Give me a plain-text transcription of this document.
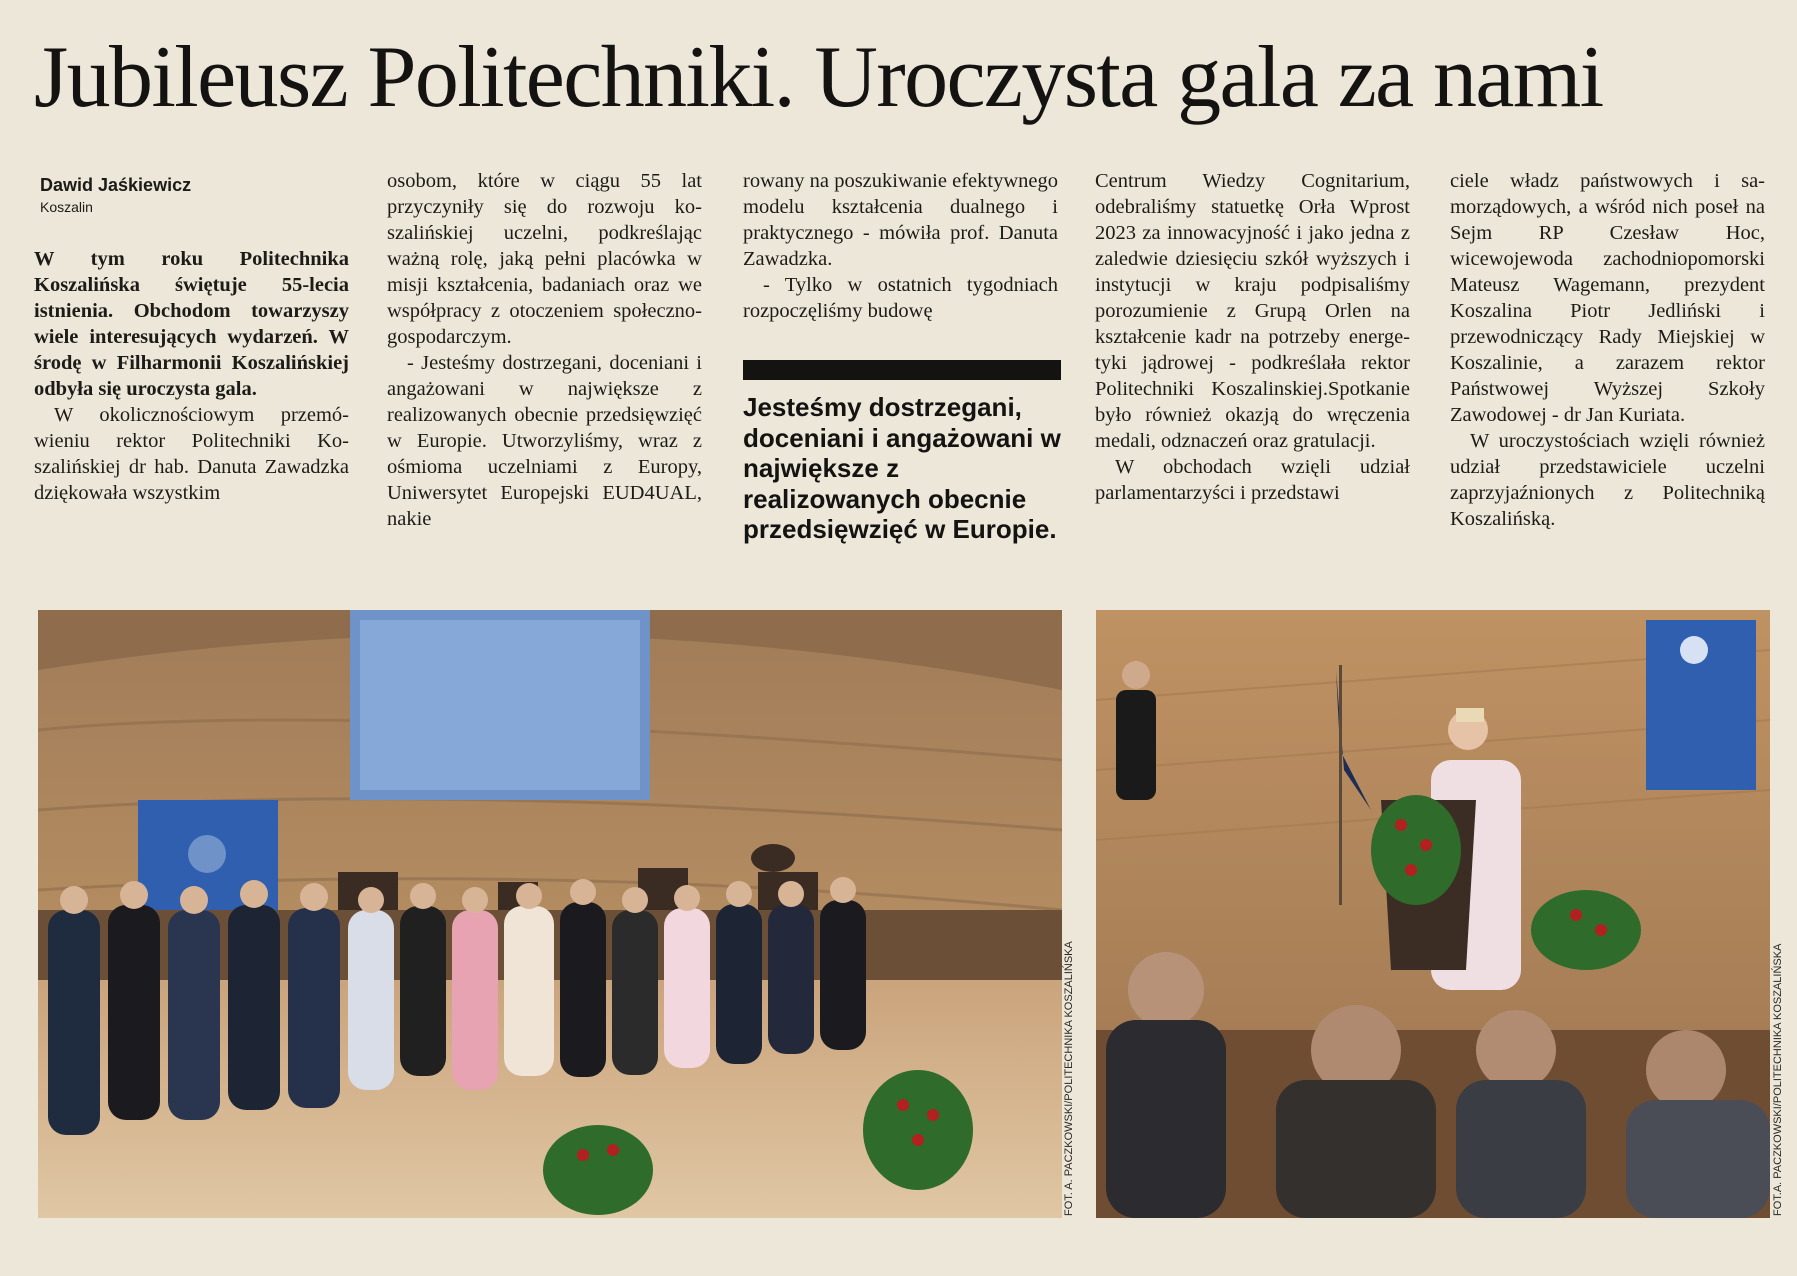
Jubileusz Politechniki. Uroczysta gala za nami
Dawid Jaśkiewicz
Koszalin

W tym roku Politechnika Koszalińska świętuje 55-lecia istnienia. Obchodom towarzyszy wiele interesujących wydarzeń. W środę w Filharmonii Koszalińskiej odbyła się uroczysta gala.

W okolicznościowym przemówieniu rektor Politechniki Koszalińskiej dr hab. Danuta Zawadzka dziękowała wszystkim

osobom, które w ciągu 55 lat przyczyniły się do rozwoju koszalińskiej uczelni, podkreślając ważną rolę, jaką pełni placówka w misji kształcenia, badaniach oraz we współpracy z otoczeniem społeczno-gospodarczym.

- Jesteśmy dostrzegani, doceniani i angażowani w największe z realizowanych obecnie przedsięwzięć w Europie. Utworzyliśmy, wraz z ośmioma uczelniami z Europy, Uniwersytet Europejski EUD4UAL, nakie

rowany na poszukiwanie efektywnego modelu kształcenia dualnego i praktycznego - mówiła prof. Danuta Zawadzka.

- Tylko w ostatnich tygodniach rozpoczęliśmy budowę

Jesteśmy dostrzegani, doceniani i angażowani w największe z realizowanych obecnie przedsięwzięć w Europie.

Centrum Wiedzy Cognitarium, odebraliśmy statuetkę Orła Wprost 2023 za innowacyjność i jako jedna z zaledwie dziesięciu szkół wyższych i instytucji w kraju podpisaliśmy porozumienie z Grupą Orlen na kształcenie kadr na potrzeby energetyki jądrowej - podkreślała rektor Politechniki Koszalinskiej.Spotkanie było również okazją do wręczenia medali, odznaczeń oraz gratulacji.

W obchodach wzięli udział parlamentarzyści i przedstawi

ciele władz państwowych i samorządowych, a wśród nich poseł na Sejm RP Czesław Hoc, wicewojewoda zachodniopomorski Mateusz Wagemann, prezydent Koszalina Piotr Jedliński i przewodniczący Rady Miejskiej w Koszalinie, a zarazem rektor Państwowej Wyższej Szkoły Zawodowej - dr Jan Kuriata.

W uroczystościach wzięli również udział przedstawiciele uczelni zaprzyjaźnionych z Politechniką Koszalińską.

FOT. A. PACZKOWSKI/POLITECHNIKA KOSZALIŃSKA	FOT.A. PACZKOWSKI/POLITECHNIKA KOSZALIŃSKA
